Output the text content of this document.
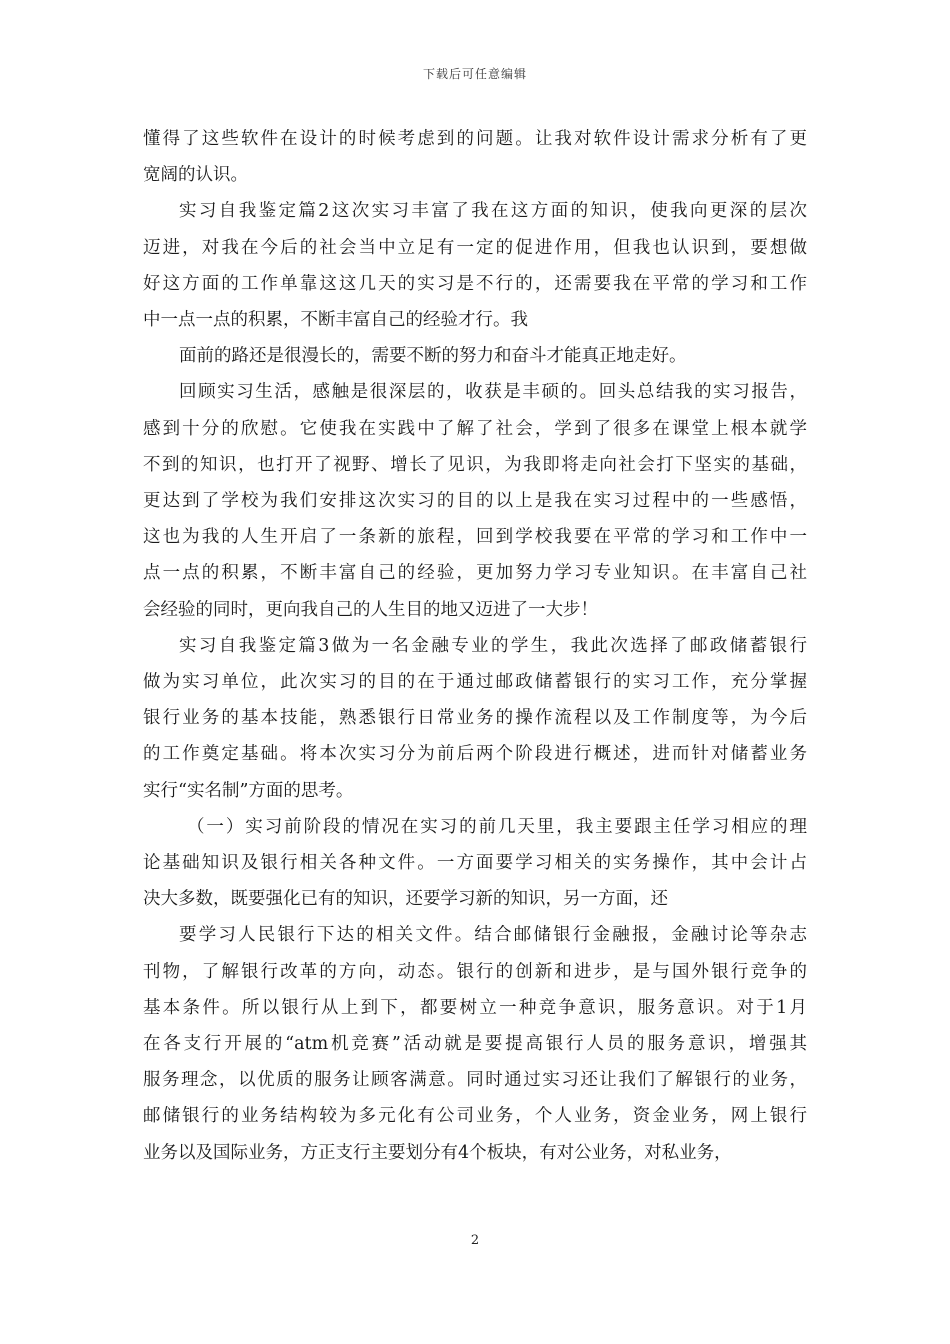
下载后可任意编辑

懂得了这些软件在设计的时候考虑到的问题。让我对软件设计需求分析有了更
宽阔的认识。

实习自我鉴定篇2这次实习丰富了我在这方面的知识，使我向更深的层次
迈进，对我在今后的社会当中立足有一定的促进作用，但我也认识到，要想做
好这方面的工作单靠这这几天的实习是不行的，还需要我在平常的学习和工作
中一点一点的积累，不断丰富自己的经验才行。我

面前的路还是很漫长的，需要不断的努力和奋斗才能真正地走好。

回顾实习生活，感触是很深层的，收获是丰硕的。回头总结我的实习报告，
感到十分的欣慰。它使我在实践中了解了社会，学到了很多在课堂上根本就学
不到的知识，也打开了视野、增长了见识，为我即将走向社会打下坚实的基础，
更达到了学校为我们安排这次实习的目的以上是我在实习过程中的一些感悟，
这也为我的人生开启了一条新的旅程，回到学校我要在平常的学习和工作中一
点一点的积累，不断丰富自己的经验，更加努力学习专业知识。在丰富自己社
会经验的同时，更向我自己的人生目的地又迈进了一大步！

实习自我鉴定篇3做为一名金融专业的学生，我此次选择了邮政储蓄银行
做为实习单位，此次实习的目的在于通过邮政储蓄银行的实习工作，充分掌握
银行业务的基本技能，熟悉银行日常业务的操作流程以及工作制度等，为今后
的工作奠定基础。将本次实习分为前后两个阶段进行概述，进而针对储蓄业务
实行“实名制”方面的思考。

（一）实习前阶段的情况在实习的前几天里，我主要跟主任学习相应的理
论基础知识及银行相关各种文件。一方面要学习相关的实务操作，其中会计占
决大多数，既要强化已有的知识，还要学习新的知识，另一方面，还

要学习人民银行下达的相关文件。结合邮储银行金融报，金融讨论等杂志
刊物，了解银行改革的方向，动态。银行的创新和进步，是与国外银行竞争的
基本条件。所以银行从上到下，都要树立一种竞争意识，服务意识。对于1月
在各支行开展的“atm机竞赛”活动就是要提高银行人员的服务意识，增强其
服务理念，以优质的服务让顾客满意。同时通过实习还让我们了解银行的业务，
邮储银行的业务结构较为多元化有公司业务，个人业务，资金业务，网上银行
业务以及国际业务，方正支行主要划分有4个板块，有对公业务，对私业务，

2
